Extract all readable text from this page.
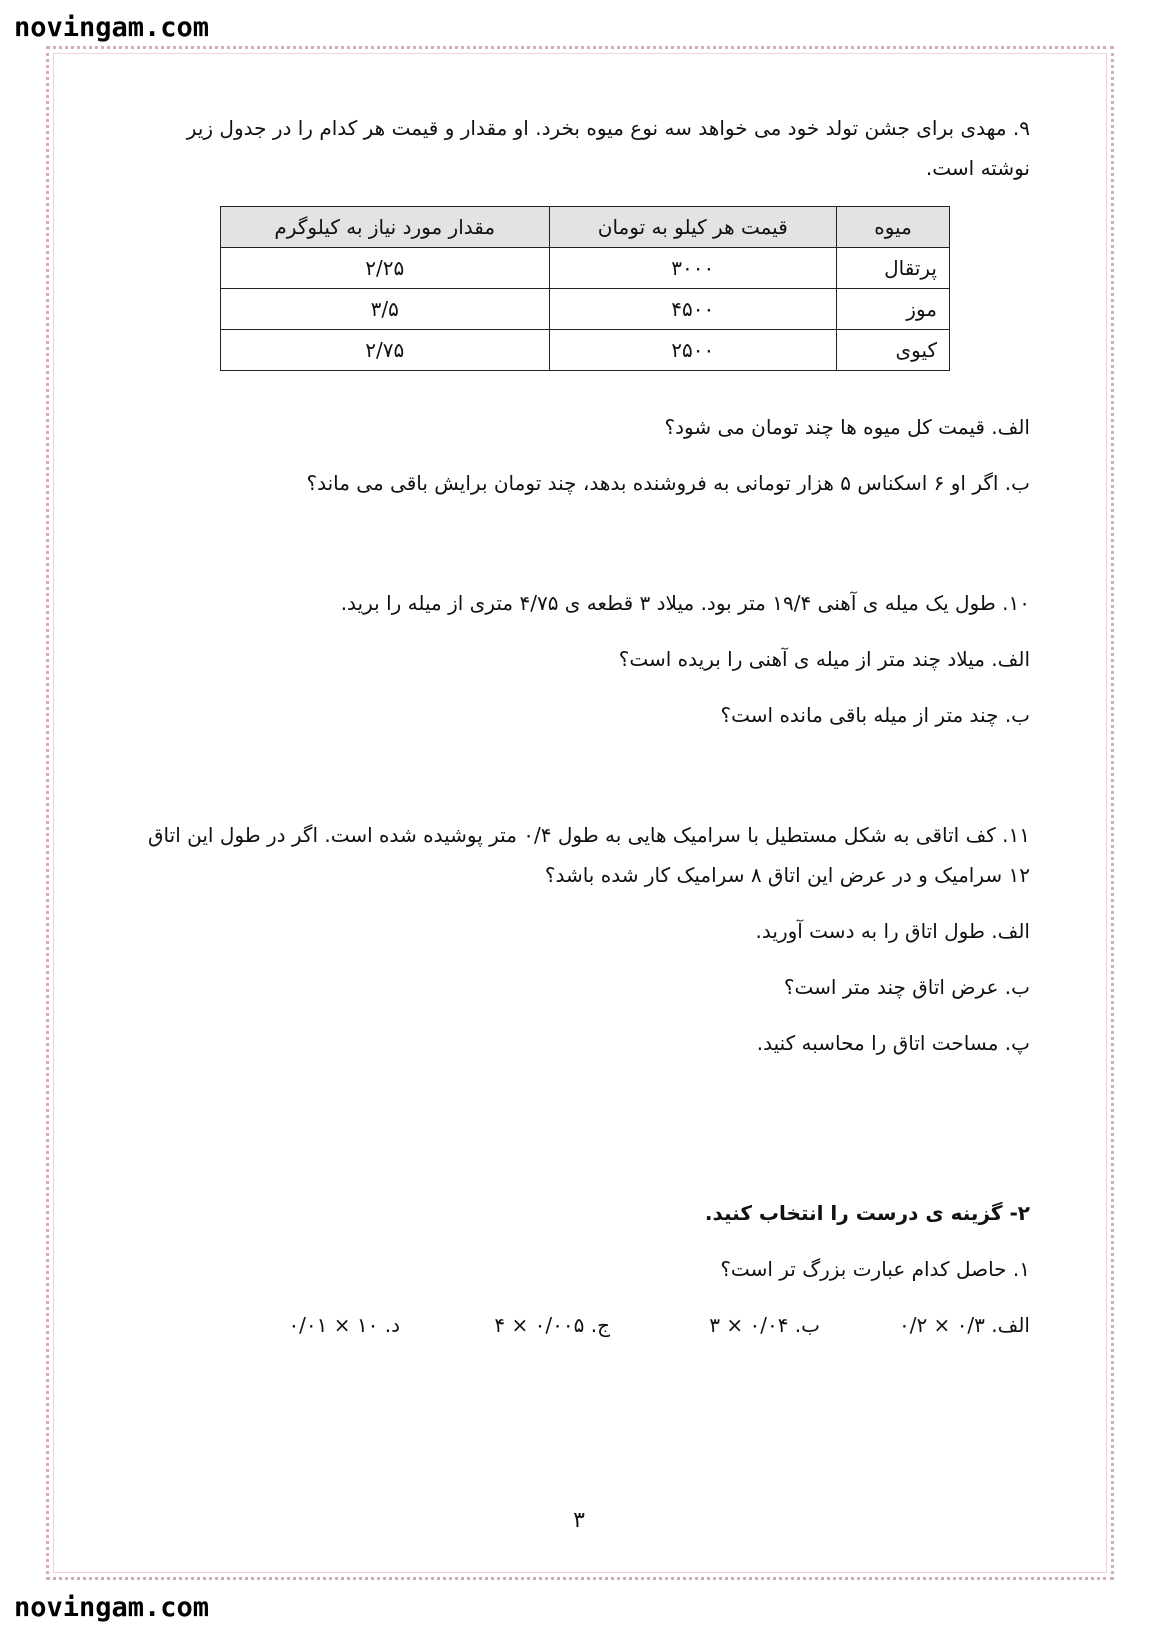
novingam.com

۹. مهدی برای جشن تولد خود می خواهد سه نوع میوه بخرد. او مقدار و قیمت هر کدام را در جدول زیر نوشته است.

میوه	قیمت هر کیلو به تومان	مقدار مورد نیاز به کیلوگرم
پرتقال	۳۰۰۰	۲/۲۵
موز	۴۵۰۰	۳/۵
کیوی	۲۵۰۰	۲/۷۵

الف. قیمت کل میوه ها چند تومان می شود؟

ب. اگر او ۶ اسکناس ۵ هزار تومانی به فروشنده بدهد، چند تومان برایش باقی می ماند؟

۱۰. طول یک میله ی آهنی ۱۹/۴ متر بود. میلاد ۳ قطعه ی ۴/۷۵ متری از میله را برید.

الف. میلاد چند متر از میله ی آهنی را بریده است؟

ب. چند متر از میله باقی مانده است؟

۱۱. کف اتاقی به شکل مستطیل با سرامیک هایی به طول ۰/۴ متر پوشیده شده است. اگر در طول این اتاق ۱۲ سرامیک و در عرض این اتاق ۸ سرامیک کار شده باشد؟

الف. طول اتاق را به دست آورید.

ب. عرض اتاق چند متر است؟

پ. مساحت اتاق را محاسبه کنید.

۲- گزینه ی درست را انتخاب کنید.

۱. حاصل کدام عبارت بزرگ تر است؟

الف. ۰/۳ × ۰/۲
ب. ۰/۰۴ × ۳
ج. ۰/۰۰۵ × ۴
د. ۱۰ × ۰/۰۱
۳
novingam.com
